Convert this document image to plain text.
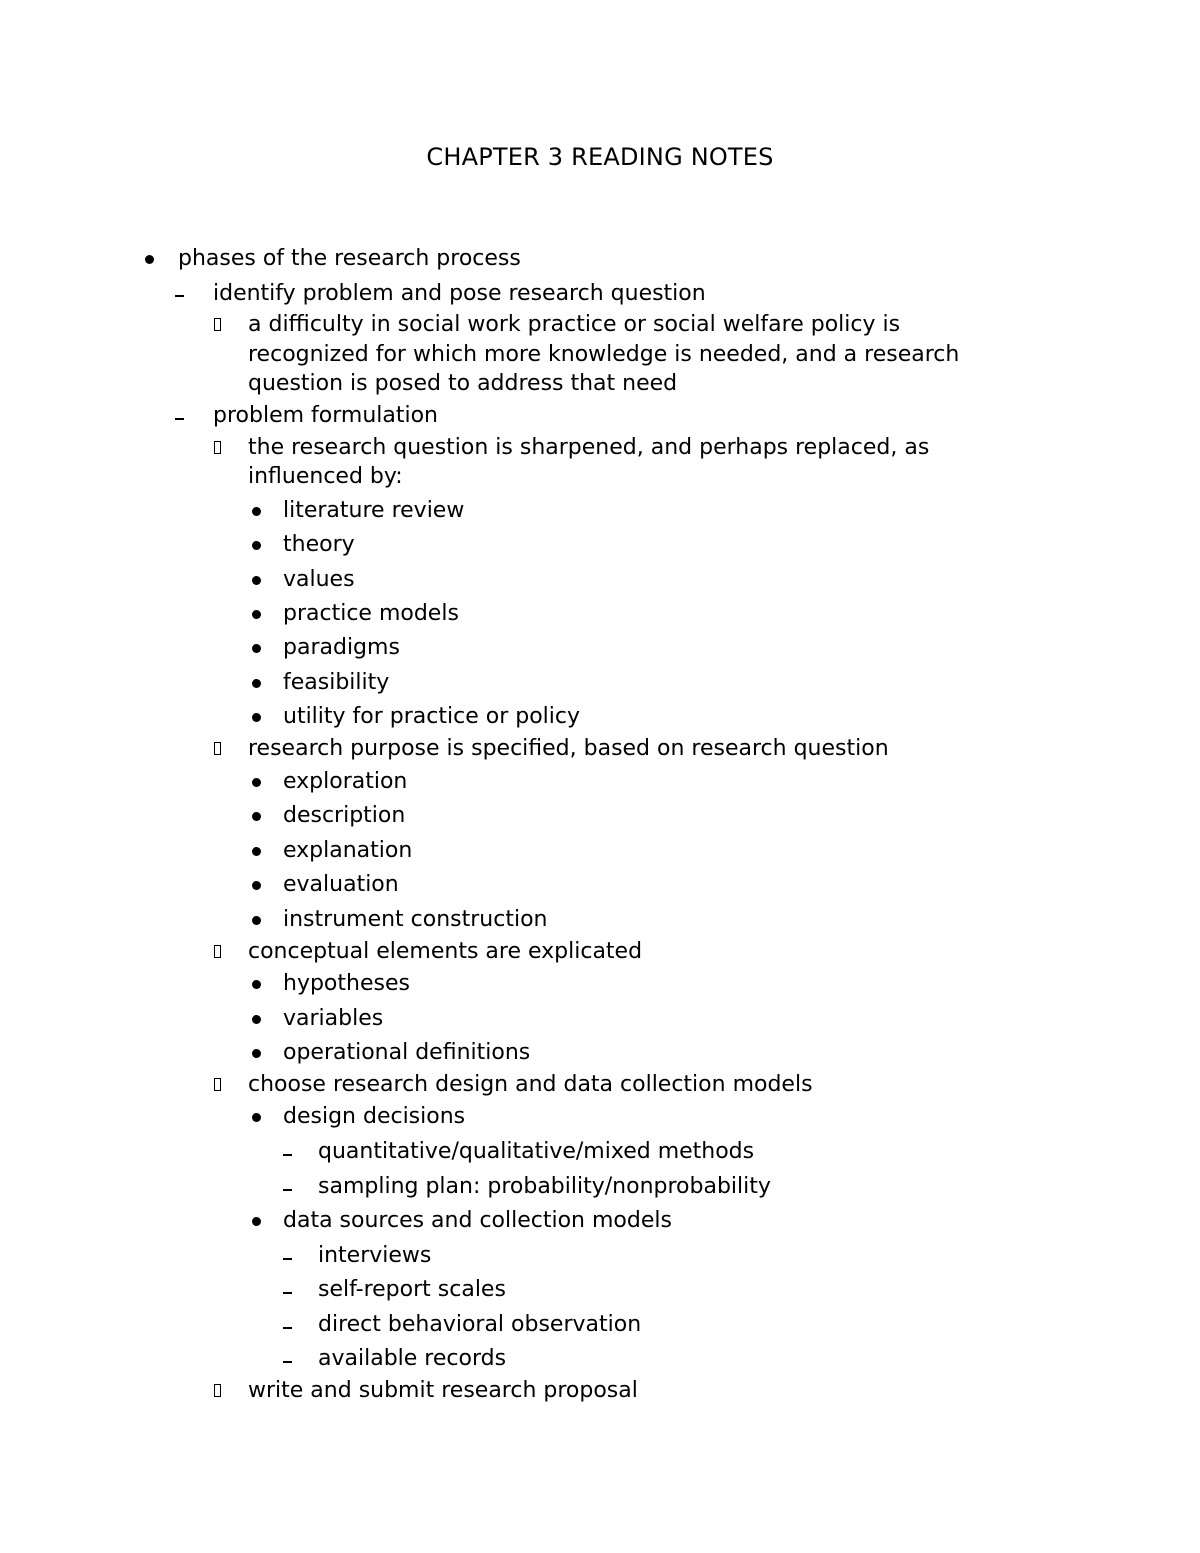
CHAPTER 3 READING NOTES
phases of the research process
identify problem and pose research question
a difficulty in social work practice or social welfare policy is
recognized for which more knowledge is needed, and a research
question is posed to address that need
problem formulation
the research question is sharpened, and perhaps replaced, as
influenced by:
literature review
theory
values
practice models
paradigms
feasibility
utility for practice or policy
research purpose is specified, based on research question
exploration
description
explanation
evaluation
instrument construction
conceptual elements are explicated
hypotheses
variables
operational definitions
choose research design and data collection models
design decisions
quantitative/qualitative/mixed methods
sampling plan: probability/nonprobability
data sources and collection models
interviews
self-report scales
direct behavioral observation
available records
write and submit research proposal
